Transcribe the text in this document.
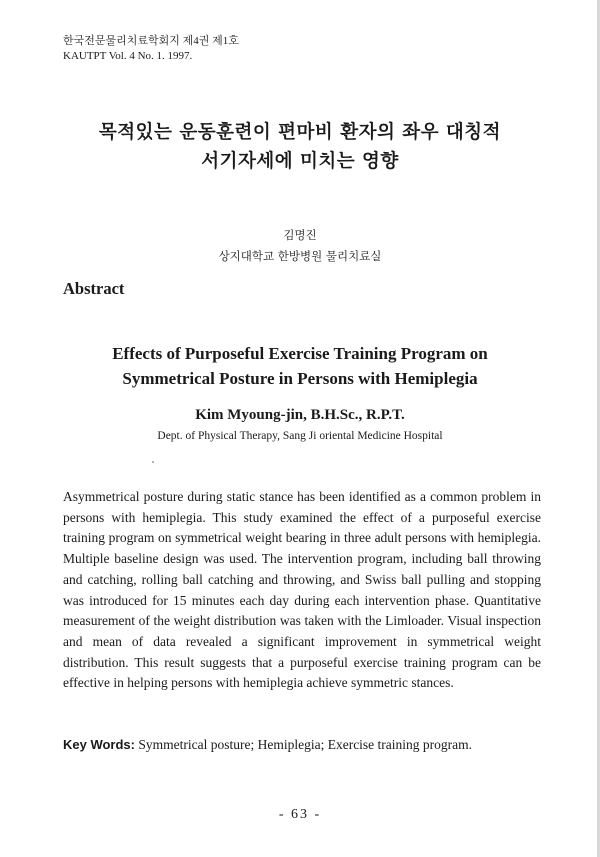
한국전문물리치료학회지 제4권 제1호
KAUTPT Vol. 4 No. 1. 1997.
목적있는 운동훈련이 편마비 환자의 좌우 대칭적
서기자세에 미치는 영향
김명진
상지대학교 한방병원 물리치료실
Abstract
Effects of Purposeful Exercise Training Program on
Symmetrical Posture in Persons with Hemiplegia
Kim Myoung-jin, B.H.Sc., R.P.T.
Dept. of Physical Therapy, Sang Ji oriental Medicine Hospital
Asymmetrical posture during static stance has been identified as a common problem in persons with hemiplegia. This study examined the effect of a purposeful exercise training program on symmetrical weight bearing in three adult persons with hemiplegia. Multiple baseline design was used. The intervention program, including ball throwing and catching, rolling ball catching and throwing, and Swiss ball pulling and stopping was introduced for 15 minutes each day during each intervention phase. Quantitative measurement of the weight distribution was taken with the Limloader. Visual inspection and mean of data revealed a significant improvement in symmetrical weight distribution. This result suggests that a purposeful exercise training program can be effective in helping persons with hemiplegia achieve symmetric stances.
Key Words: Symmetrical posture; Hemiplegia; Exercise training program.
- 63 -
